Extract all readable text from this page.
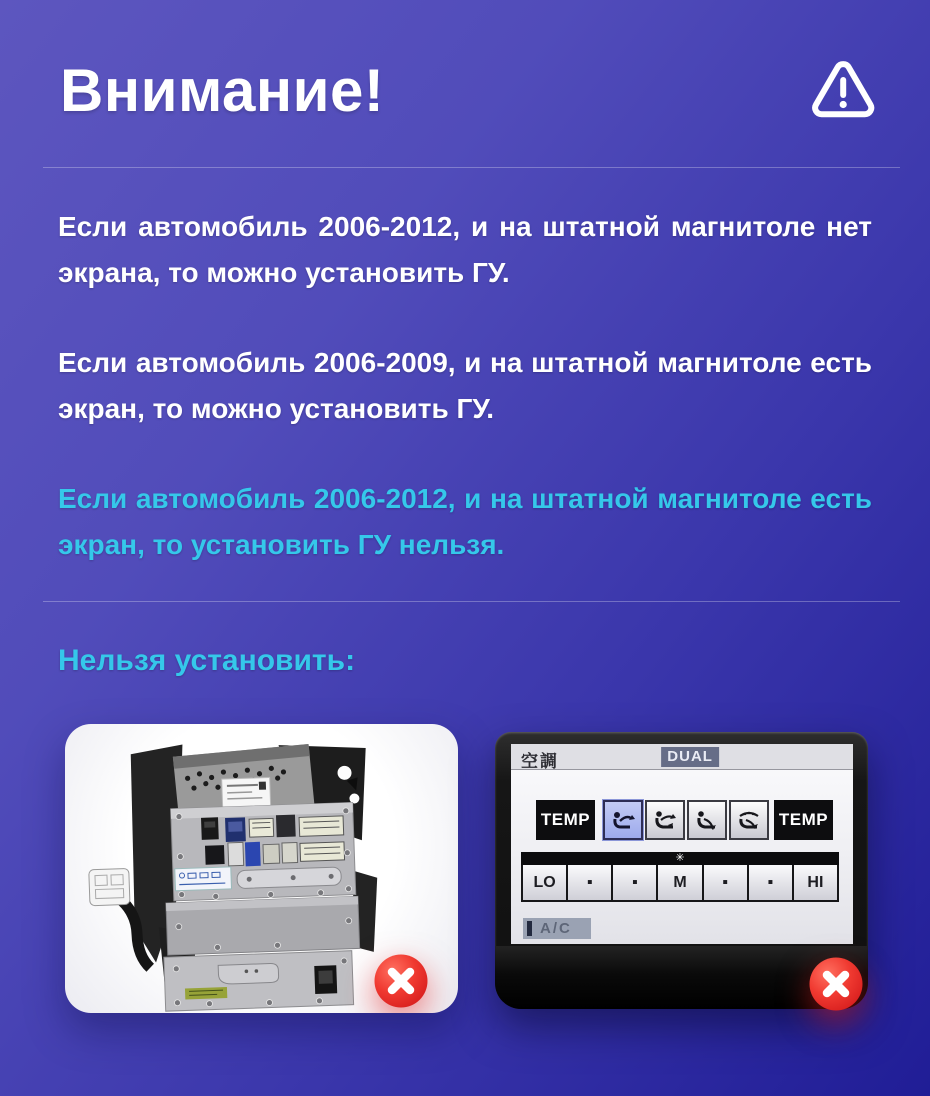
Внимание!

Если автомобиль 2006-2012, и на штатной магнитоле нет экрана, то можно установить ГУ.

Если автомобиль 2006-2009, и на штатной магнитоле есть экран, то можно установить ГУ.

Если автомобиль 2006-2012, и на штатной магнитоле есть экран, то установить ГУ нельзя.

Нельзя установить:
空調	DUAL
TEMP	TEMP
✳
LO	▪	▪	M	▪	▪	HI
A/C
